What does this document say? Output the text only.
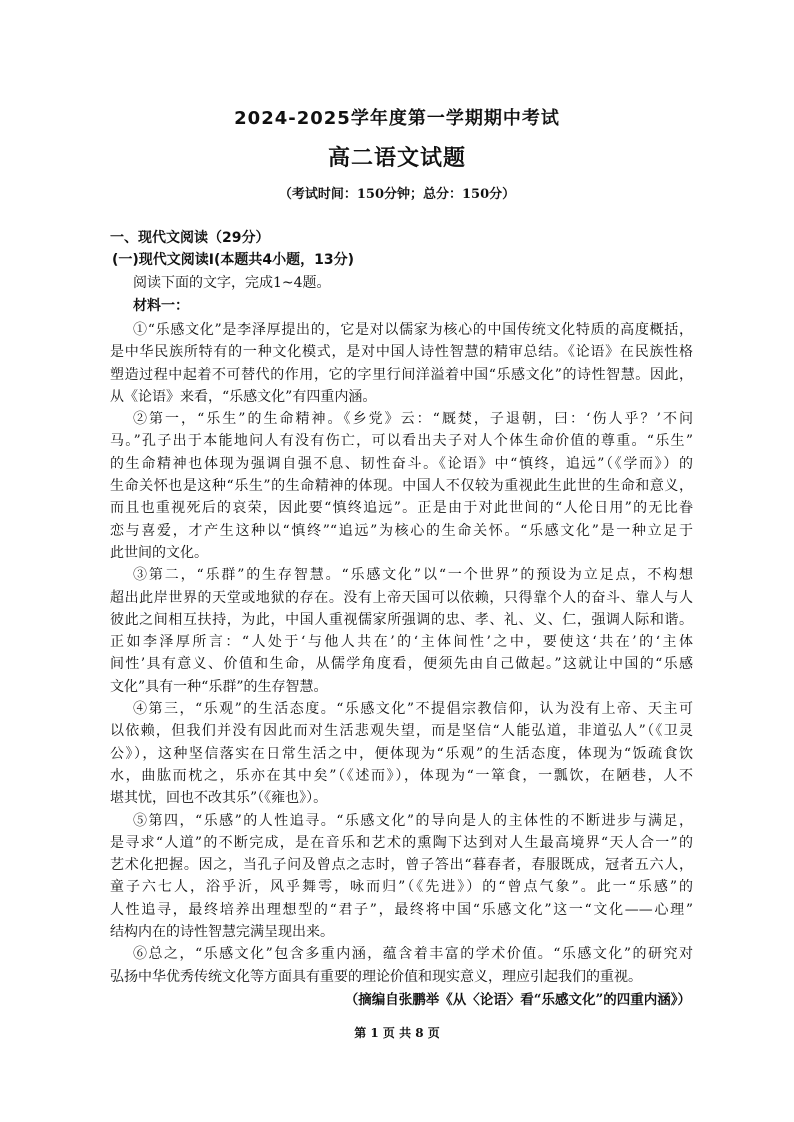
2024-2025学年度第一学期期中考试
高二语文试题
（考试时间：150分钟；总分：150分）
一、现代文阅读（29分）
(一)现代文阅读Ⅰ(本题共4小题，13分)
阅读下面的文字，完成1~4题。
材料一：
①“乐感文化”是李泽厚提出的，它是对以儒家为核心的中国传统文化特质的高度概括，
是中华民族所特有的一种文化模式，是对中国人诗性智慧的精审总结。《论语》在民族性格
塑造过程中起着不可替代的作用，它的字里行间洋溢着中国“乐感文化”的诗性智慧。因此，
从《论语》来看，“乐感文化”有四重内涵。
②第一，“乐生”的生命精神。《乡党》云：“厩焚，子退朝，曰：‘伤人乎？’不问
马。”孔子出于本能地问人有没有伤亡，可以看出夫子对人个体生命价值的尊重。“乐生”
的生命精神也体现为强调自强不息、韧性奋斗。《论语》中“慎终，追远”（《学而》）的
生命关怀也是这种“乐生”的生命精神的体现。中国人不仅较为重视此生此世的生命和意义，
而且也重视死后的哀荣，因此要“慎终追远”。正是由于对此世间的“人伦日用”的无比眷
恋与喜爱，才产生这种以“慎终”“追远”为核心的生命关怀。“乐感文化”是一种立足于
此世间的文化。
③第二，“乐群”的生存智慧。“乐感文化”以“一个世界”的预设为立足点，不构想
超出此岸世界的天堂或地狱的存在。没有上帝天国可以依赖，只得靠个人的奋斗、靠人与人
彼此之间相互扶持，为此，中国人重视儒家所强调的忠、孝、礼、义、仁，强调人际和谐。
正如李泽厚所言：“人处于‘与他人共在’的‘主体间性’之中，要使这‘共在’的‘主体
间性’具有意义、价值和生命，从儒学角度看，便须先由自己做起。”这就让中国的“乐感
文化”具有一种“乐群”的生存智慧。
④第三，“乐观”的生活态度。“乐感文化”不提倡宗教信仰，认为没有上帝、天主可
以依赖，但我们并没有因此而对生活悲观失望，而是坚信“人能弘道，非道弘人”（《卫灵
公》），这种坚信落实在日常生活之中，便体现为“乐观”的生活态度，体现为“饭疏食饮
水，曲肱而枕之，乐亦在其中矣”（《述而》），体现为“一箪食，一瓢饮，在陋巷，人不
堪其忧，回也不改其乐”（《雍也》）。
⑤第四，“乐感”的人性追寻。“乐感文化”的导向是人的主体性的不断进步与满足，
是寻求“人道”的不断完成，是在音乐和艺术的熏陶下达到对人生最高境界“天人合一”的
艺术化把握。因之，当孔子问及曾点之志时，曾子答出“暮春者，春服既成，冠者五六人，
童子六七人，浴乎沂，风乎舞雩，咏而归”（《先进》）的“曾点气象”。此一“乐感”的
人性追寻，最终培养出理想型的“君子”，最终将中国“乐感文化”这一“文化——心理”
结构内在的诗性智慧完满呈现出来。
⑥总之，“乐感文化”包含多重内涵，蕴含着丰富的学术价值。“乐感文化”的研究对
弘扬中华优秀传统文化等方面具有重要的理论价值和现实意义，理应引起我们的重视。
（摘编自张鹏举《从〈论语〉看“乐感文化”的四重内涵》）
第 1 页 共 8 页
